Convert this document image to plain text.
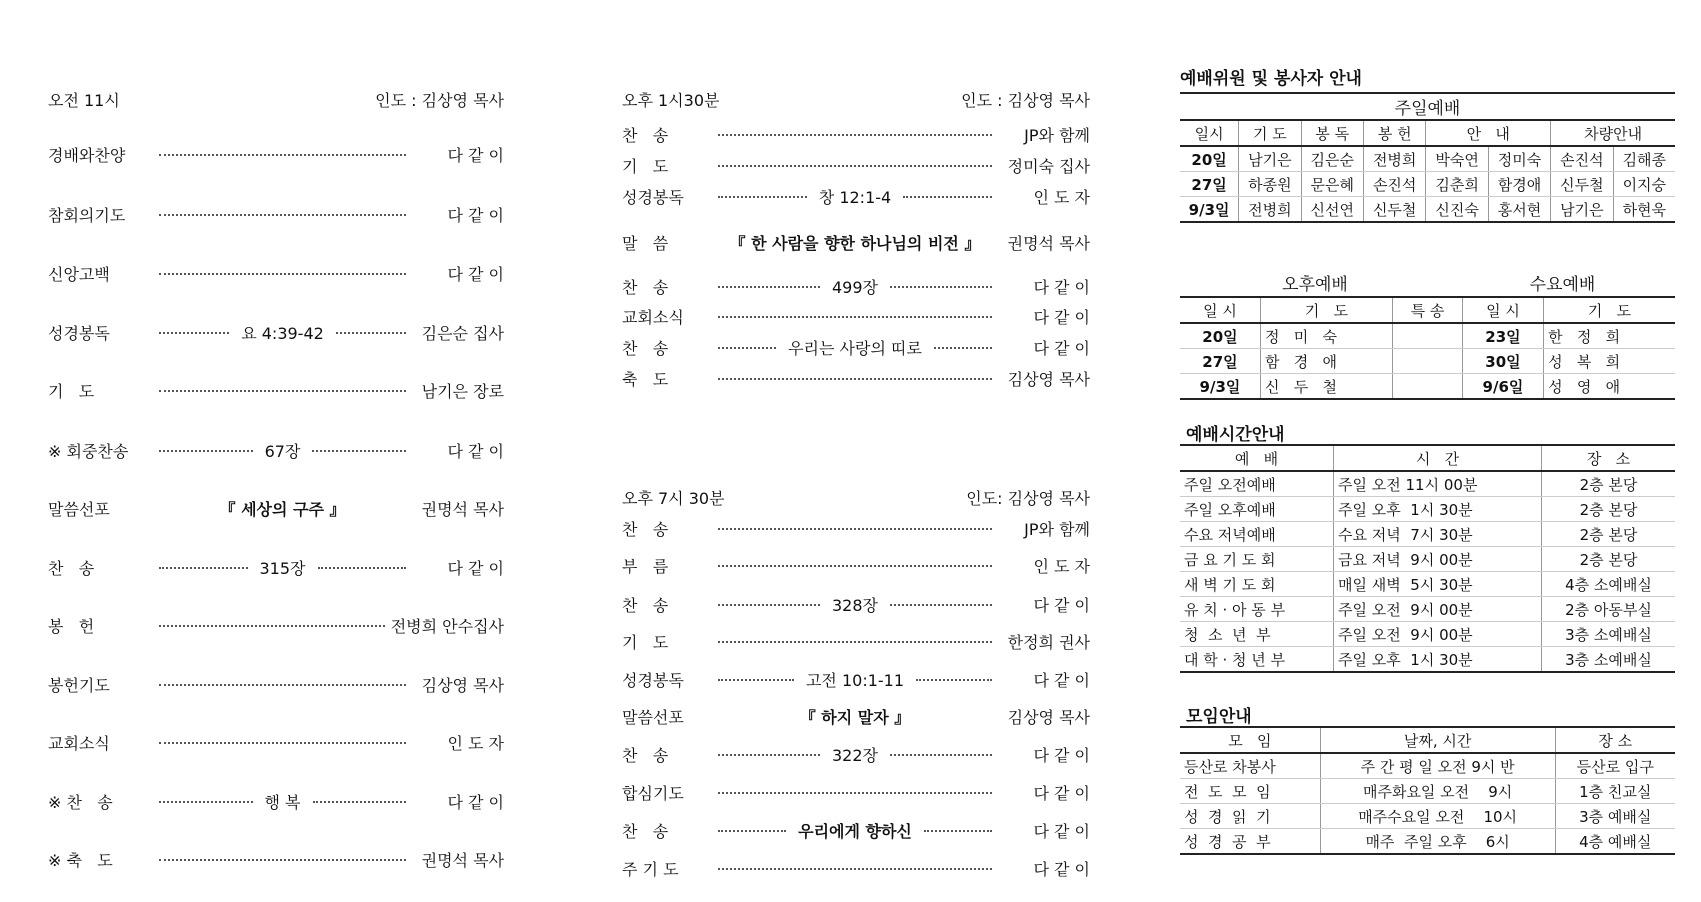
오전 11시	인도 : 김상영 목사
경배와찬양	다 같 이
참회의기도	다 같 이
신앙고백	다 같 이
성경봉독	요 4:39-42	김은순 집사
기   도	남기은 장로
※ 회중찬송	67장	다 같 이
말씀선포	『 세상의 구주 』	권명석 목사
찬   송	315장	다 같 이
봉   헌	전병희 안수집사
봉헌기도	김상영 목사
교회소식	인 도 자
※ 찬   송	행 복	다 같 이
※ 축   도	권명석 목사
오후 1시30분	인도 : 김상영 목사
찬   송	JP와 함께
기   도	정미숙 집사
성경봉독	창 12:1-4	인 도 자
말   씀	『 한 사람을 향한 하나님의 비전 』	권명석 목사
찬   송	499장	다 같 이
교회소식	다 같 이
찬   송	우리는 사랑의 띠로	다 같 이
축   도	김상영 목사
오후 7시 30분	인도: 김상영 목사
찬   송	JP와 함께
부   름	인 도 자
찬   송	328장	다 같 이
기   도	한정희 권사
성경봉독	고전 10:1-11	다 같 이
말씀선포	『 하지 말자 』	김상영 목사
찬   송	322장	다 같 이
합심기도	다 같 이
찬   송	우리에게 향하신	다 같 이
주 기 도	다 같 이
예배위원 및 봉사자 안내
주일예배							
일시	기 도	봉 독	봉 헌	안   내		차량안내	
20일	남기은	김은순	전병희	박숙연	정미숙	손진석	김해종
27일	하종원	문은혜	손진석	김춘희	함경애	신두철	이지숭
9/3일	전병희	신선연	신두철	신진숙	홍서현	남기은	하현욱
오후예배	수요예배
일 시	기   도	특 송	일 시	기   도
20일	정   미   숙		23일	한   정   희
27일	함   경   애		30일	성   복   희
9/3일	신   두   철		9/6일	성   영   애
예배시간안내
예   배	시   간	장   소
주일 오전예배	주일 오전 11시 00분	2층 본당
주일 오후예배	주일 오후  1시 30분	2층 본당
수요 저녁예배	수요 저녁  7시 30분	2층 본당
금 요 기 도 회	금요 저녁  9시 00분	2층 본당
새 벽 기 도 회	매일 새벽  5시 30분	4층 소예배실
유 치 · 아 동 부	주일 오전  9시 00분	2층 아동부실
청  소  년  부	주일 오전  9시 00분	3층 소예배실
대 학 · 청 년 부	주일 오후  1시 30분	3층 소예배실
모임안내
모   임	날짜, 시간	장 소
등산로 차봉사	주 간 평 일 오전 9시 반	등산로 입구
전  도  모  임	매주화요일 오전    9시	1층 친교실
성  경  읽  기	매주수요일 오전    10시	3층 예배실
성  경  공  부	매주  주일 오후    6시	4층 예배실
